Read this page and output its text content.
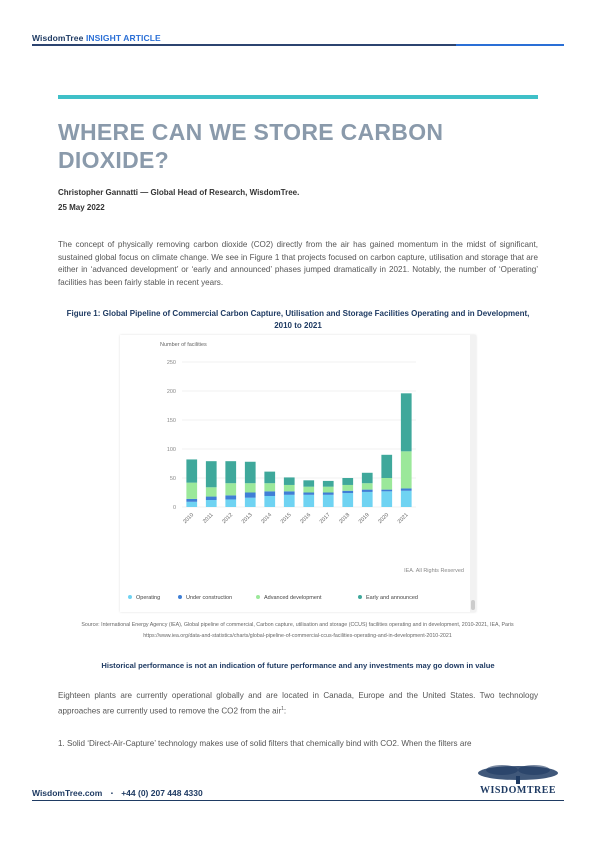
WisdomTree INSIGHT ARTICLE
WHERE CAN WE STORE CARBON DIOXIDE?
Christopher Gannatti — Global Head of Research, WisdomTree.
25 May 2022
The concept of physically removing carbon dioxide (CO2) directly from the air has gained momentum in the midst of significant, sustained global focus on climate change. We see in Figure 1 that projects focused on carbon capture, utilisation and storage that are either in ‘advanced development’ or ‘early and announced’ phases jumped dramatically in 2021. Notably, the number of ‘Operating’ facilities has been fairly stable in recent years.
Figure 1: Global Pipeline of Commercial Carbon Capture, Utilisation and Storage Facilities Operating and in Development, 2010 to 2021
Number of facilities
0
50
100
150
200
250
2010 2011 2012 2013 2014 2015 2016 2017 2018 2019 2020 2021
IEA. All Rights Reserved
Operating	Under construction	Advanced development	Early and announced
Source: International Energy Agency (IEA), Global pipeline of commercial, Carbon capture, utilisation and storage (CCUS) facilities operating and in development, 2010-2021, IEA, Paris https://www.iea.org/data-and-statistics/charts/global-pipeline-of-commercial-ccus-facilities-operating-and-in-development-2010-2021
Historical performance is not an indication of future performance and any investments may go down in value
Eighteen plants are currently operational globally and are located in Canada, Europe and the United States. Two technology approaches are currently used to remove the CO2 from the air$^1$:
1. Solid ‘Direct-Air-Capture’ technology makes use of solid filters that chemically bind with CO2. When the filters are
WisdomTree.com ▪ +44 (0) 207 448 4330	WISDOMTREE
